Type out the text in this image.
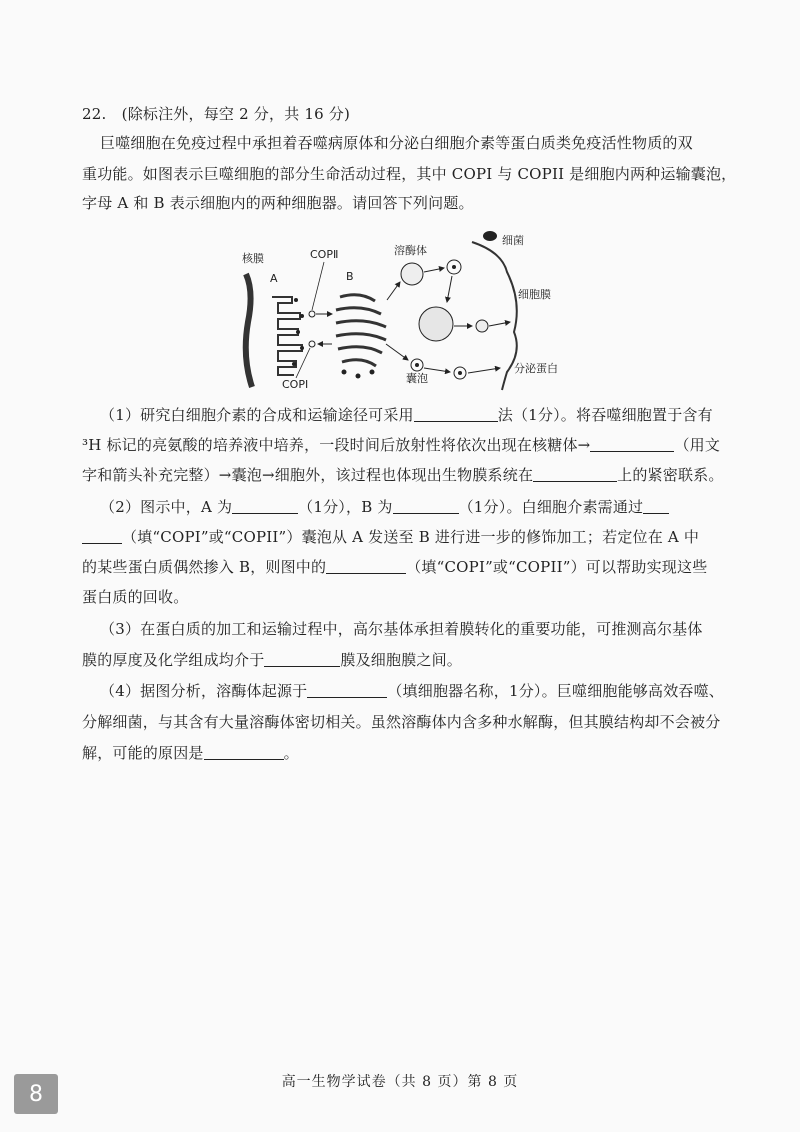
22.　(除标注外，每空 2 分，共 16 分)
巨噬细胞在免疫过程中承担着吞噬病原体和分泌白细胞介素等蛋白质类免疫活性物质的双
重功能。如图表示巨噬细胞的部分生命活动过程，其中 COPI 与 COPII 是细胞内两种运输囊泡，
字母 A 和 B 表示细胞内的两种细胞器。请回答下列问题。
核膜
A
COPⅡ
B
溶酶体
细菌
细胞膜
COPⅠ	囊泡
分泌蛋白
（1）研究白细胞介素的合成和运输途径可采用	法（1分）。将吞噬细胞置于含有
³H 标记的亮氨酸的培养液中培养，一段时间后放射性将依次出现在核糖体→	（用文
字和箭头补充完整）→囊泡→细胞外，该过程也体现出生物膜系统在	上的紧密联系。
（2）图示中，A 为	（1分），B 为	（1分）。白细胞介素需通过
（填“COPI”或“COPII”）囊泡从 A 发送至 B 进行进一步的修饰加工；若定位在 A 中
的某些蛋白质偶然掺入 B，则图中的	（填“COPI”或“COPII”）可以帮助实现这些
蛋白质的回收。
（3）在蛋白质的加工和运输过程中，高尔基体承担着膜转化的重要功能，可推测高尔基体
膜的厚度及化学组成均介于	膜及细胞膜之间。
（4）据图分析，溶酶体起源于	（填细胞器名称，1分）。巨噬细胞能够高效吞噬、
分解细菌，与其含有大量溶酶体密切相关。虽然溶酶体内含多种水解酶，但其膜结构却不会被分
解，可能的原因是	。
高一生物学试卷（共 8 页）第 8 页
8
